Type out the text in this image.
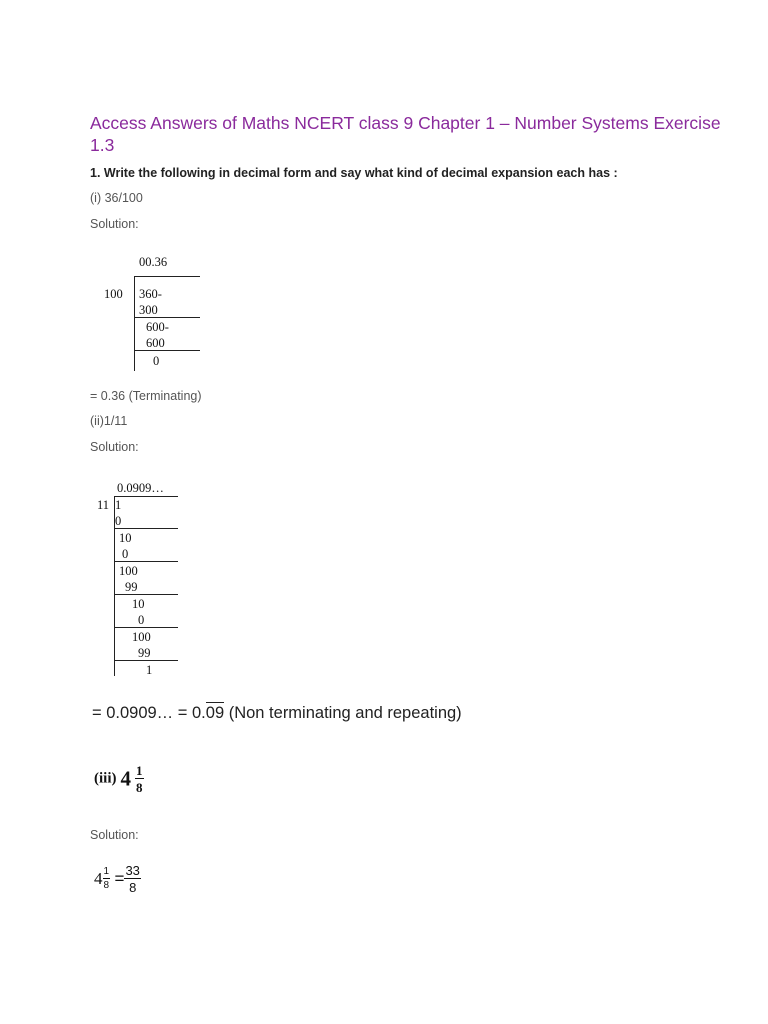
Access Answers of Maths NCERT class 9 Chapter 1 – Number Systems Exercise 1.3
1. Write the following in decimal form and say what kind of decimal expansion each has :
(i) 36/100
Solution:
00.36
100 360-
300
600-
600
0
= 0.36 (Terminating)
(ii)1/11
Solution:
0.0909…
11 1
0
10
0
100
99
10
0
100
99
1
= 0.0909… = 0.09 (Non terminating and repeating)
(iii) $4 \frac{1}{8}$
Solution:
$4 \frac{1}{8} = \frac{33}{8}$
